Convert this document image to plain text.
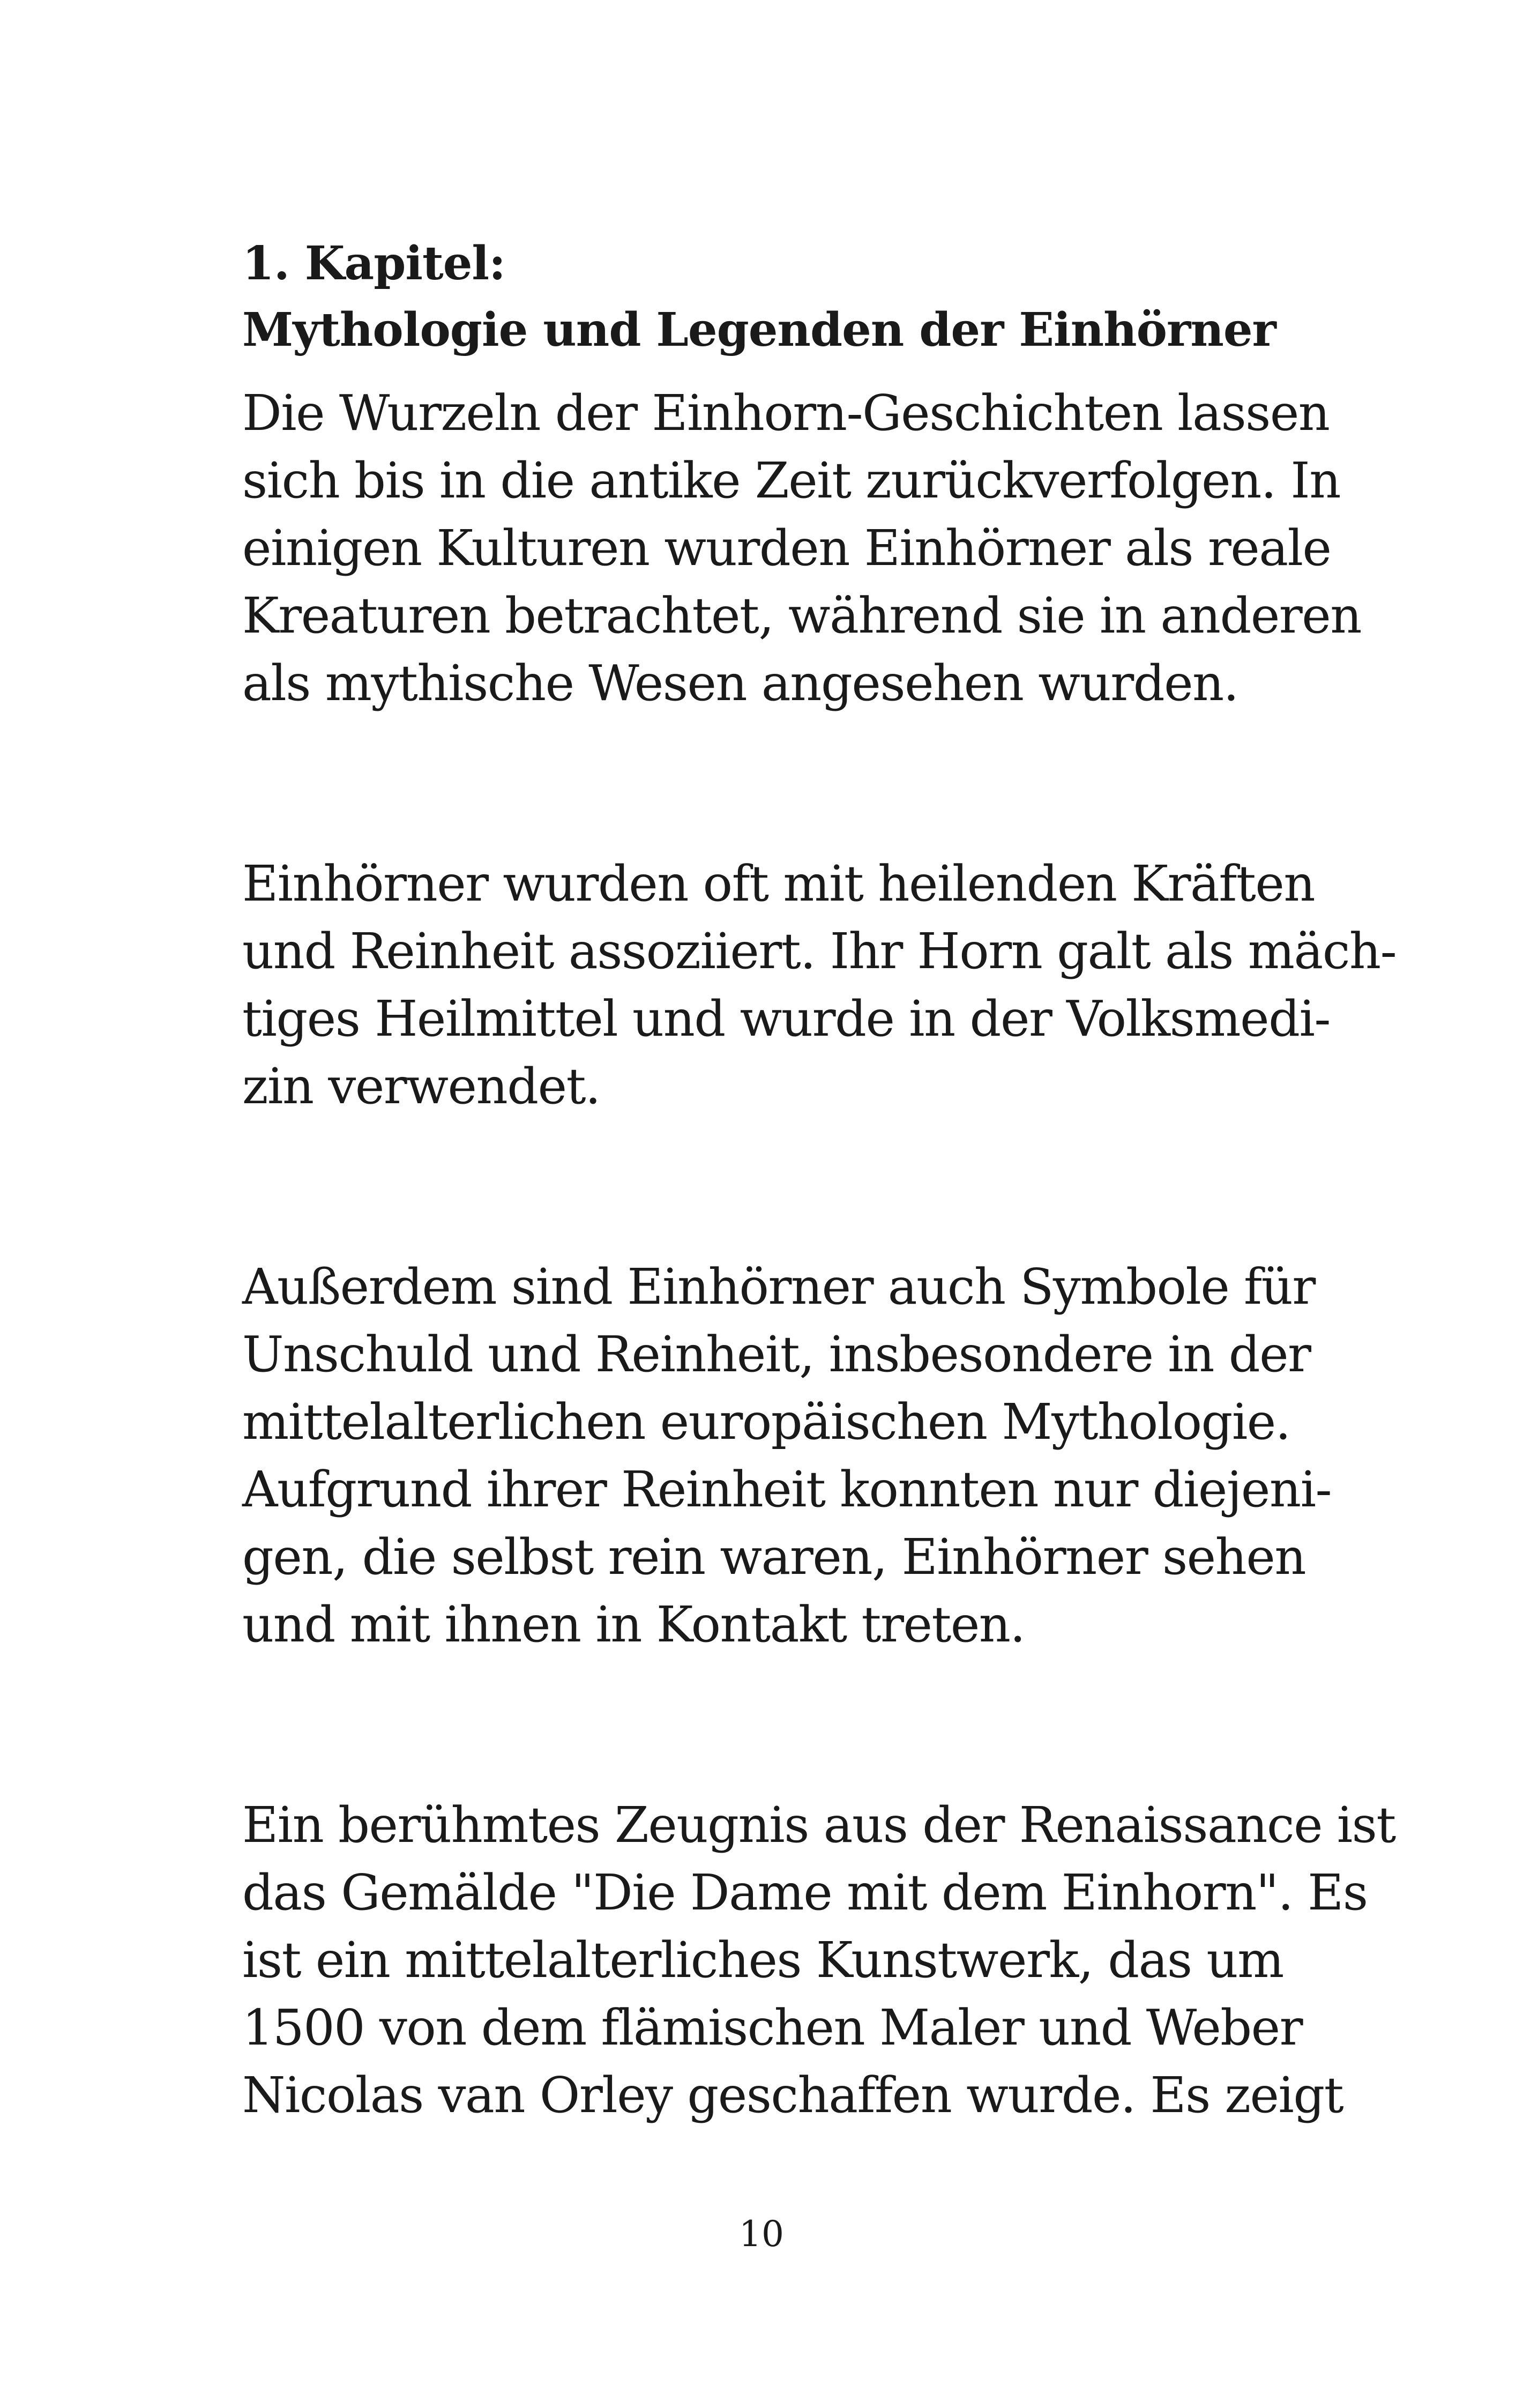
1. Kapitel:
Mythologie und Legenden der Einhörner

Die Wurzeln der Einhorn-Geschichten lassen
sich bis in die antike Zeit zurückverfolgen. In
einigen Kulturen wurden Einhörner als reale
Kreaturen betrachtet, während sie in anderen
als mythische Wesen angesehen wurden.

Einhörner wurden oft mit heilenden Kräften
und Reinheit assoziiert. Ihr Horn galt als mäch-
tiges Heilmittel und wurde in der Volksmedi-
zin verwendet.

Außerdem sind Einhörner auch Symbole für
Unschuld und Reinheit, insbesondere in der
mittelalterlichen europäischen Mythologie.
Aufgrund ihrer Reinheit konnten nur diejeni-
gen, die selbst rein waren, Einhörner sehen
und mit ihnen in Kontakt treten.

Ein berühmtes Zeugnis aus der Renaissance ist
das Gemälde "Die Dame mit dem Einhorn". Es
ist ein mittelalterliches Kunstwerk, das um
1500 von dem flämischen Maler und Weber
Nicolas van Orley geschaffen wurde. Es zeigt

10
